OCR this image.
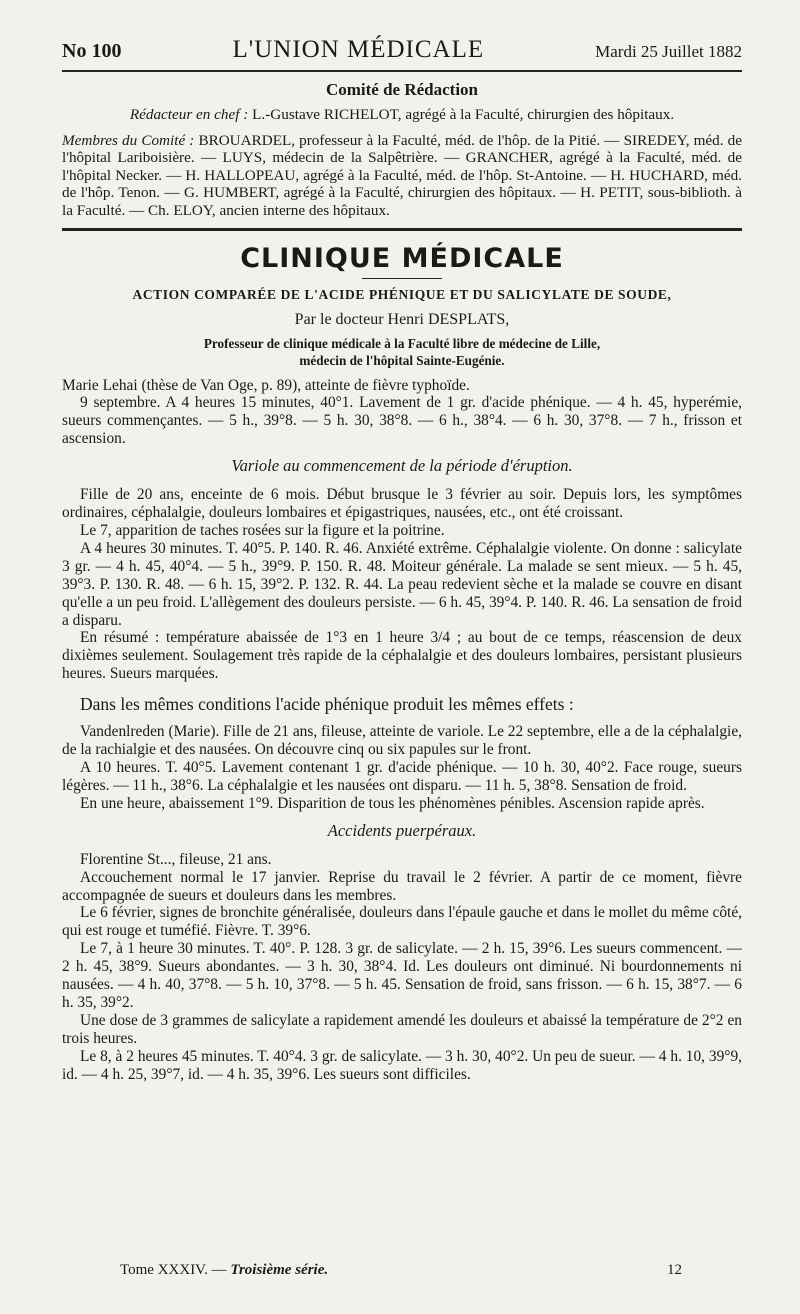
No 100	L'UNION MÉDICALE	Mardi 25 Juillet 1882
Comité de Rédaction

Rédacteur en chef : L.-Gustave RICHELOT, agrégé à la Faculté, chirurgien des hôpitaux.

Membres du Comité : BROUARDEL, professeur à la Faculté, méd. de l'hôp. de la Pitié. — SIREDEY, méd. de l'hôpital Lariboisière. — LUYS, médecin de la Salpêtrière. — GRANCHER, agrégé à la Faculté, méd. de l'hôpital Necker. — H. HALLOPEAU, agrégé à la Faculté, méd. de l'hôp. St-Antoine. — H. HUCHARD, méd. de l'hôp. Tenon. — G. HUMBERT, agrégé à la Faculté, chirurgien des hôpitaux. — H. PETIT, sous-biblioth. à la Faculté. — Ch. ELOY, ancien interne des hôpitaux.

CLINIQUE MÉDICALE
ACTION COMPARÉE DE L'ACIDE PHÉNIQUE ET DU SALICYLATE DE SOUDE,
Par le docteur Henri DESPLATS,
Professeur de clinique médicale à la Faculté libre de médecine de Lille,
médecin de l'hôpital Sainte-Eugénie.

Marie Lehai (thèse de Van Oge, p. 89), atteinte de fièvre typhoïde.

9 septembre. A 4 heures 15 minutes, 40°1. Lavement de 1 gr. d'acide phénique. — 4 h. 45, hyperémie, sueurs commençantes. — 5 h., 39°8. — 5 h. 30, 38°8. — 6 h., 38°4. — 6 h. 30, 37°8. — 7 h., frisson et ascension.

Variole au commencement de la période d'éruption.

Fille de 20 ans, enceinte de 6 mois. Début brusque le 3 février au soir. Depuis lors, les symptômes ordinaires, céphalalgie, douleurs lombaires et épigastriques, nausées, etc., ont été croissant.

Le 7, apparition de taches rosées sur la figure et la poitrine.

A 4 heures 30 minutes. T. 40°5. P. 140. R. 46. Anxiété extrême. Céphalalgie violente. On donne : salicylate 3 gr. — 4 h. 45, 40°4. — 5 h., 39°9. P. 150. R. 48. Moiteur générale. La malade se sent mieux. — 5 h. 45, 39°3. P. 130. R. 48. — 6 h. 15, 39°2. P. 132. R. 44. La peau redevient sèche et la malade se couvre en disant qu'elle a un peu froid. L'allègement des douleurs persiste. — 6 h. 45, 39°4. P. 140. R. 46. La sensation de froid a disparu.

En résumé : température abaissée de 1°3 en 1 heure 3/4 ; au bout de ce temps, réascension de deux dixièmes seulement. Soulagement très rapide de la céphalalgie et des douleurs lombaires, persistant plusieurs heures. Sueurs marquées.

Dans les mêmes conditions l'acide phénique produit les mêmes effets :

Vandenlreden (Marie). Fille de 21 ans, fileuse, atteinte de variole. Le 22 septembre, elle a de la céphalalgie, de la rachialgie et des nausées. On découvre cinq ou six papules sur le front.

A 10 heures. T. 40°5. Lavement contenant 1 gr. d'acide phénique. — 10 h. 30, 40°2. Face rouge, sueurs légères. — 11 h., 38°6. La céphalalgie et les nausées ont disparu. — 11 h. 5, 38°8. Sensation de froid.

En une heure, abaissement 1°9. Disparition de tous les phénomènes pénibles. Ascension rapide après.

Accidents puerpéraux.

Florentine St..., fileuse, 21 ans.

Accouchement normal le 17 janvier. Reprise du travail le 2 février. A partir de ce moment, fièvre accompagnée de sueurs et douleurs dans les membres.

Le 6 février, signes de bronchite généralisée, douleurs dans l'épaule gauche et dans le mollet du même côté, qui est rouge et tuméfié. Fièvre. T. 39°6.

Le 7, à 1 heure 30 minutes. T. 40°. P. 128. 3 gr. de salicylate. — 2 h. 15, 39°6. Les sueurs commencent. — 2 h. 45, 38°9. Sueurs abondantes. — 3 h. 30, 38°4. Id. Les douleurs ont diminué. Ni bourdonnements ni nausées. — 4 h. 40, 37°8. — 5 h. 10, 37°8. — 5 h. 45. Sensation de froid, sans frisson. — 6 h. 15, 38°7. — 6 h. 35, 39°2.

Une dose de 3 grammes de salicylate a rapidement amendé les douleurs et abaissé la température de 2°2 en trois heures.

Le 8, à 2 heures 45 minutes. T. 40°4. 3 gr. de salicylate. — 3 h. 30, 40°2. Un peu de sueur. — 4 h. 10, 39°9, id. — 4 h. 25, 39°7, id. — 4 h. 35, 39°6. Les sueurs sont difficiles.

Tome XXXIV. — Troisième série.	12
